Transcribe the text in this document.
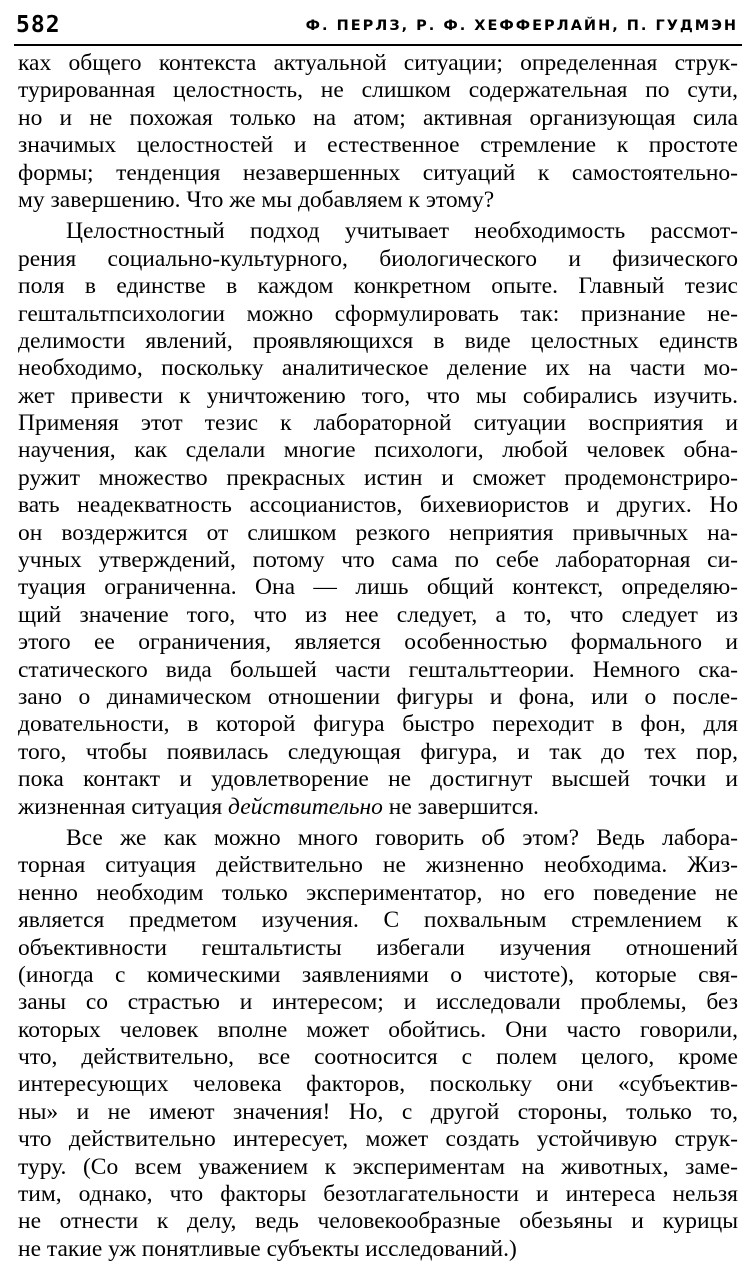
582	Ф. ПЕРЛЗ, Р. Ф. ХЕФФЕРЛАЙН, П. ГУДМЭН
ках общего контекста актуальной ситуации; определенная струк-
турированная целостность, не слишком содержательная по сути,
но и не похожая только на атом; активная организующая сила
значимых целостностей и естественное стремление к простоте
формы; тенденция незавершенных ситуаций к самостоятельно-
му завершению. Что же мы добавляем к этому?
Целостностный подход учитывает необходимость рассмот-
рения социально-культурного, биологического и физического
поля в единстве в каждом конкретном опыте. Главный тезис
гештальтпсихологии можно сформулировать так: признание не-
делимости явлений, проявляющихся в виде целостных единств
необходимо, поскольку аналитическое деление их на части мо-
жет привести к уничтожению того, что мы собирались изучить.
Применяя этот тезис к лабораторной ситуации восприятия и
научения, как сделали многие психологи, любой человек обна-
ружит множество прекрасных истин и сможет продемонстриро-
вать неадекватность ассоцианистов, бихевиористов и других. Но
он воздержится от слишком резкого неприятия привычных на-
учных утверждений, потому что сама по себе лабораторная си-
туация ограниченна. Она — лишь общий контекст, определяю-
щий значение того, что из нее следует, а то, что следует из
этого ее ограничения, является особенностью формального и
статического вида большей части гештальттеории. Немного ска-
зано о динамическом отношении фигуры и фона, или о после-
довательности, в которой фигура быстро переходит в фон, для
того, чтобы появилась следующая фигура, и так до тех пор,
пока контакт и удовлетворение не достигнут высшей точки и
жизненная ситуация действительно не завершится.
Все же как можно много говорить об этом? Ведь лабора-
торная ситуация действительно не жизненно необходима. Жиз-
ненно необходим только экспериментатор, но его поведение не
является предметом изучения. С похвальным стремлением к
объективности гештальтисты избегали изучения отношений
(иногда с комическими заявлениями о чистоте), которые свя-
заны со страстью и интересом; и исследовали проблемы, без
которых человек вполне может обойтись. Они часто говорили,
что, действительно, все соотносится с полем целого, кроме
интересующих человека факторов, поскольку они «субъектив-
ны» и не имеют значения! Но, с другой стороны, только то,
что действительно интересует, может создать устойчивую струк-
туру. (Со всем уважением к экспериментам на животных, заме-
тим, однако, что факторы безотлагательности и интереса нельзя
не отнести к делу, ведь человекообразные обезьяны и курицы
не такие уж понятливые субъекты исследований.)
